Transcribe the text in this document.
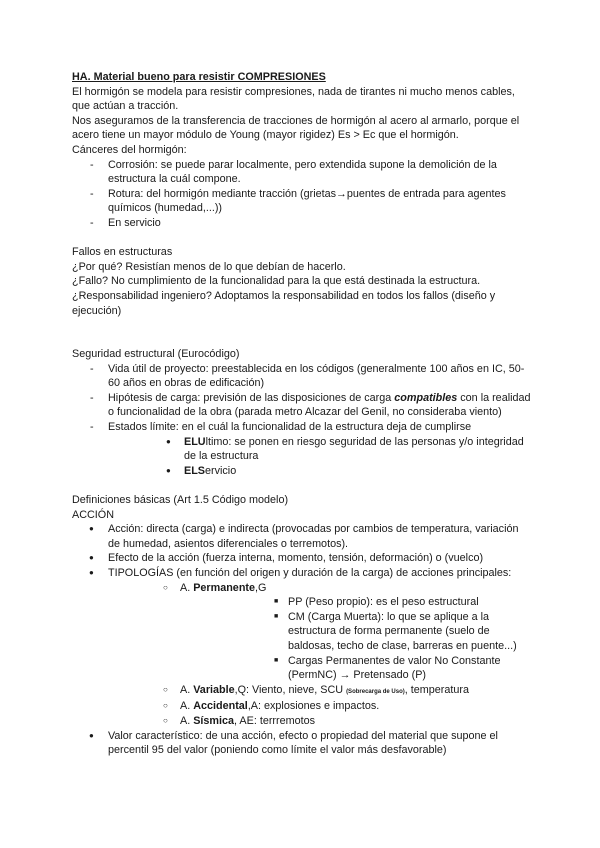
HA. Material bueno para resistir COMPRESIONES

El hormigón se modela para resistir compresiones, nada de tirantes ni mucho menos cables, que actúan a tracción.

Nos aseguramos de la transferencia de tracciones de hormigón al acero al armarlo, porque el acero tiene un mayor módulo de Young (mayor rigidez) Es > Ec que el hormigón.

Cánceres del hormigón:

- Corrosión: se puede parar localmente, pero extendida supone la demolición de la estructura la cuál compone.
- Rotura: del hormigón mediante tracción (grietas→puentes de entrada para agentes químicos (humedad,...))
- En servicio

Fallos en estructuras

¿Por qué? Resistían menos de lo que debían de hacerlo.

¿Fallo? No cumplimiento de la funcionalidad para la que está destinada la estructura.

¿Responsabilidad ingeniero? Adoptamos la responsabilidad en todos los fallos (diseño y ejecución)

Seguridad estructural (Eurocódigo)

- Vida útil de proyecto: preestablecida en los códigos (generalmente 100 años en IC, 50-60 años en obras de edificación)
- Hipótesis de carga: previsión de las disposiciones de carga compatibles con la realidad o funcionalidad de la obra (parada metro Alcazar del Genil, no consideraba viento)
- Estados límite: en el cuál la funcionalidad de la estructura deja de cumplirse
● ELUltimo: se ponen en riesgo seguridad de las personas y/o integridad de la estructura
● ELServicio

Definiciones básicas (Art 1.5 Código modelo)

ACCIÓN

● Acción: directa (carga) e indirecta (provocadas por cambios de temperatura, variación de humedad, asientos diferenciales o terremotos).
● Efecto de la acción (fuerza interna, momento, tensión, deformación) o (vuelco)
● TIPOLOGÍAS (en función del origen y duración de la carga) de acciones principales:
○ A. Permanente,G
■ PP (Peso propio): es el peso estructural
■ CM (Carga Muerta): lo que se aplique a la estructura de forma permanente (suelo de baldosas, techo de clase, barreras en puente...)
■ Cargas Permanentes de valor No Constante (PermNC) → Pretensado (P)
○ A. Variable,Q: Viento, nieve, SCU (Sobrecarga de Uso), temperatura
○ A. Accidental,A: explosiones e impactos.
○ A. Sísmica, AE: terrremotos
● Valor característico: de una acción, efecto o propiedad del material que supone el percentil 95 del valor (poniendo como límite el valor más desfavorable)
